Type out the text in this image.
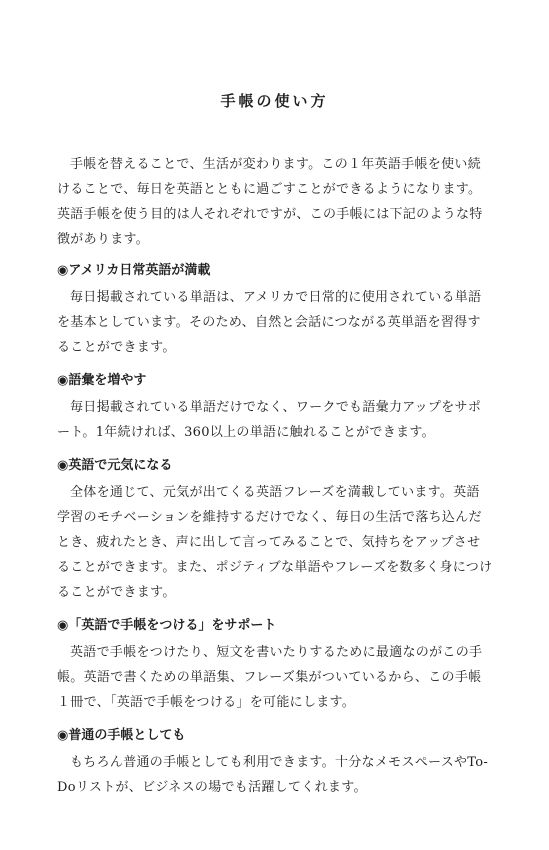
手帳の使い方

手帳を替えることで、生活が変わります。この１年英語手帳を使い続けることで、毎日を英語とともに過ごすことができるようになります。英語手帳を使う目的は人それぞれですが、この手帳には下記のような特徴があります。

◉アメリカ日常英語が満載

毎日掲載されている単語は、アメリカで日常的に使用されている単語を基本としています。そのため、自然と会話につながる英単語を習得することができます。

◉語彙を増やす

毎日掲載されている単語だけでなく、ワークでも語彙力アップをサポート。1年続ければ、360以上の単語に触れることができます。

◉英語で元気になる

全体を通じて、元気が出てくる英語フレーズを満載しています。英語学習のモチベーションを維持するだけでなく、毎日の生活で落ち込んだとき、疲れたとき、声に出して言ってみることで、気持ちをアップさせることができます。また、ポジティブな単語やフレーズを数多く身につけることができます。

◉「英語で手帳をつける」をサポート

英語で手帳をつけたり、短文を書いたりするために最適なのがこの手帳。英語で書くための単語集、フレーズ集がついているから、この手帳１冊で、「英語で手帳をつける」を可能にします。

◉普通の手帳としても

もちろん普通の手帳としても利用できます。十分なメモスペースやTo-Doリストが、ビジネスの場でも活躍してくれます。
